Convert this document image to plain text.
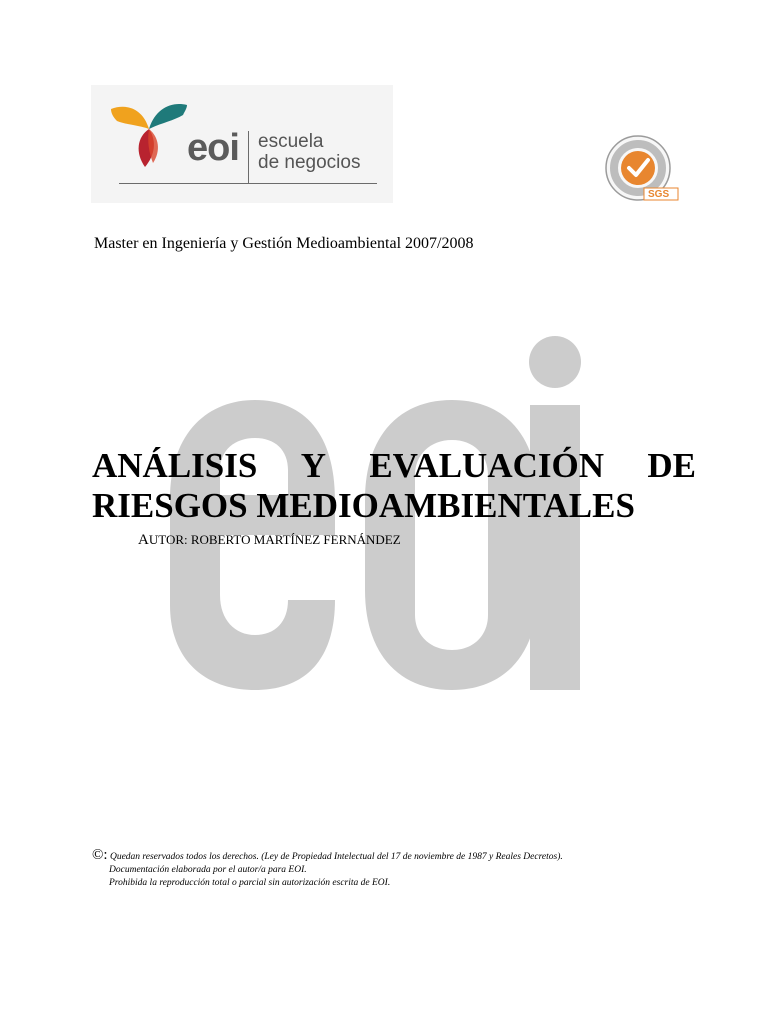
eoi escuela
de negocios
SGS
Master en Ingeniería y Gestión Medioambiental 2007/2008
ANÁLISIS Y EVALUACIÓN DE
RIESGOS MEDIOAMBIENTALES
AUTOR: ROBERTO MARTÍNEZ FERNÁNDEZ
©: Quedan reservados todos los derechos. (Ley de Propiedad Intelectual del 17 de noviembre de 1987 y Reales Decretos).
Documentación elaborada por el autor/a para EOI.
Prohibida la reproducción total o parcial sin autorización escrita de EOI.
